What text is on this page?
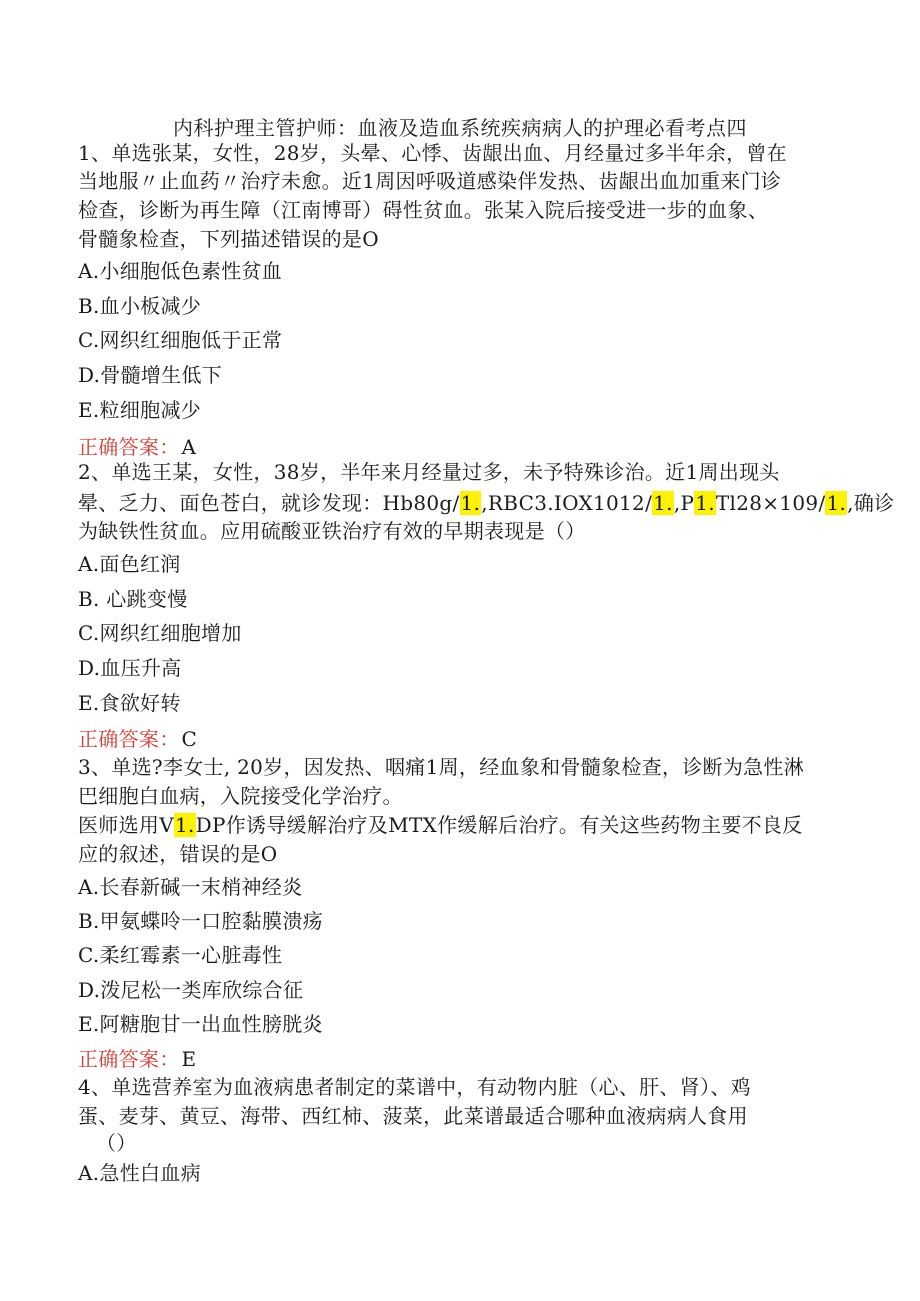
内科护理主管护师：血液及造血系统疾病病人的护理必看考点四
1、单选张某，女性，28岁，头晕、心悸、齿龈出血、月经量过多半年余，曾在
当地服〃止血药〃治疗未愈。近1周因呼吸道感染伴发热、齿龈出血加重来门诊
检查，诊断为再生障（江南博哥）碍性贫血。张某入院后接受进一步的血象、
骨髓象检查，下列描述错误的是O
A.小细胞低色素性贫血
B.血小板减少
C.网织红细胞低于正常
D.骨髓增生低下
E.粒细胞减少
正确答案： A
2、单选王某，女性，38岁，半年来月经量过多，未予特殊诊治。近1周出现头
晕、乏力、面色苍白，就诊发现：Hb80g/1.,RBC3.IOX1012/1.,P1.Tl28×109/1.,确诊
为缺铁性贫血。应用硫酸亚铁治疗有效的早期表现是（）
A.面色红润
B. 心跳变慢
C.网织红细胞增加
D.血压升高
E.食欲好转
正确答案： C
3、单选?李女士, 20岁，因发热、咽痛1周，经血象和骨髓象检查，诊断为急性淋
巴细胞白血病，入院接受化学治疗。
医师选用V1.DP作诱导缓解治疗及MTX作缓解后治疗。有关这些药物主要不良反
应的叙述，错误的是O
A.长春新碱一末梢神经炎
B.甲氨蝶呤一口腔黏膜溃疡
C.柔红霉素一心脏毒性
D.泼尼松一类库欣综合征
E.阿糖胞甘一出血性膀胱炎
正确答案： E
4、单选营养室为血液病患者制定的菜谱中，有动物内脏（心、肝、肾）、鸡
蛋、麦芽、黄豆、海带、西红柿、菠菜，此菜谱最适合哪种血液病病人食用
（）
A.急性白血病
